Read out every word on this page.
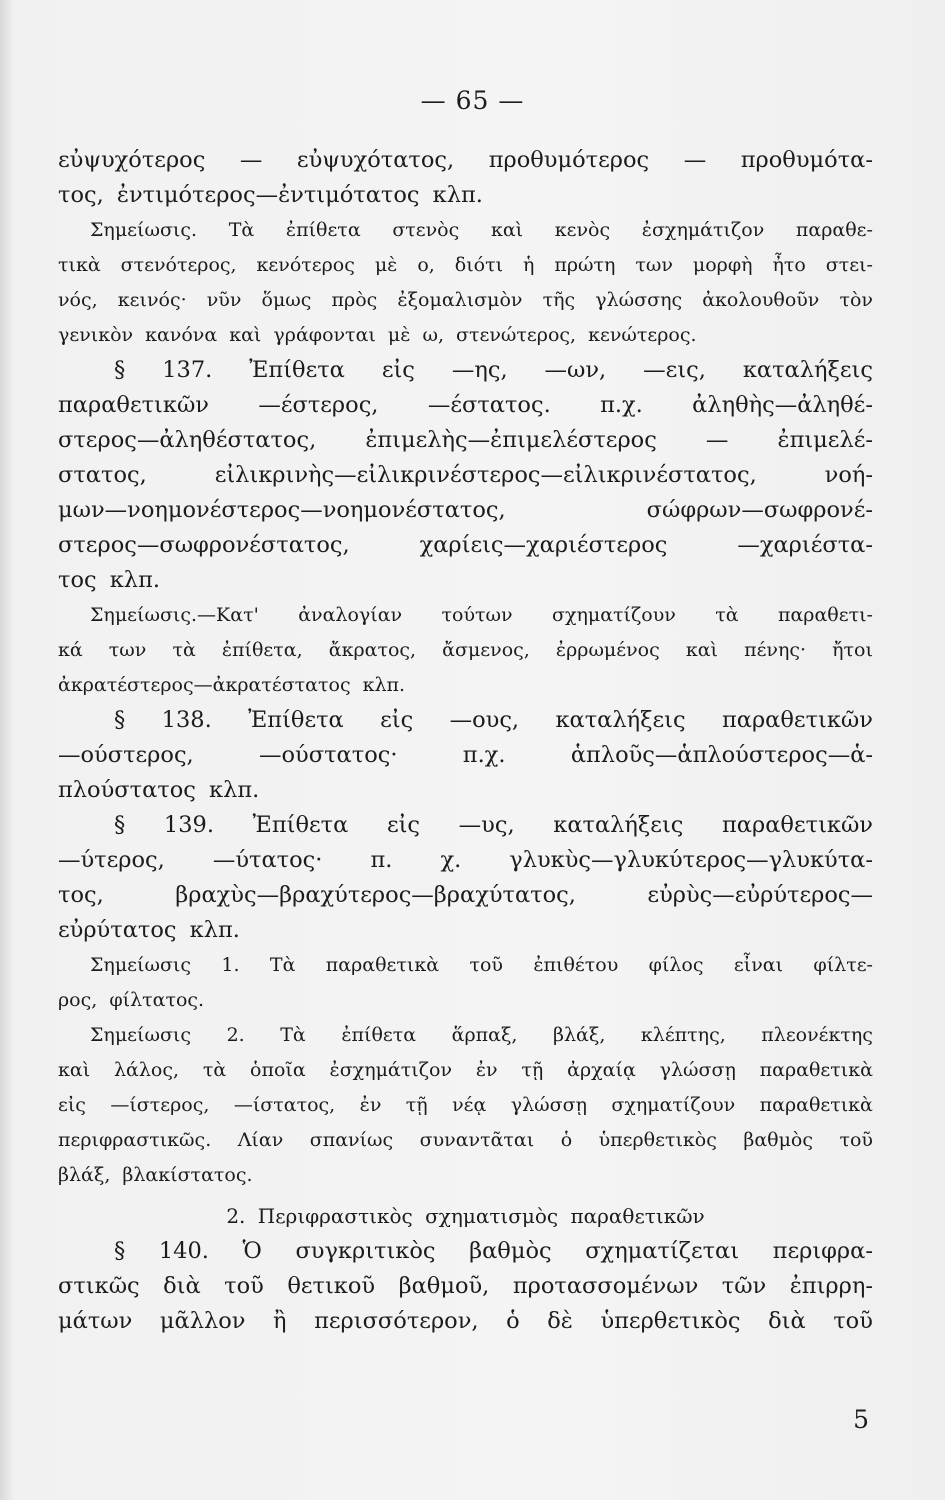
— 65 —
εὐψυχότερος — εὐψυχότατος, προθυμότερος — προθυμότα-
τος, ἐντιμότερος—ἐντιμότατος κλπ.
Σημείωσις. Τὰ ἐπίθετα στενὸς καὶ κενὸς ἐσχημάτιζον παραθε-
τικὰ στενότερος, κενότερος μὲ ο, διότι ἡ πρώτη των μορφὴ ἦτο στει-
νός, κεινός· νῦν ὅμως πρὸς ἐξομαλισμὸν τῆς γλώσσης ἀκολουθοῦν τὸν
γενικὸν κανόνα καὶ γράφονται μὲ ω, στενώτερος, κενώτερος.
§ 137. Ἐπίθετα εἰς —ης, —ων, —εις, καταλήξεις
παραθετικῶν —έστερος, —έστατος. π.χ. ἀληθὴς—ἀληθέ-
στερος—ἀληθέστατος, ἐπιμελὴς—ἐπιμελέστερος — ἐπιμελέ-
στατος,	εἰλικρινὴς—εἰλικρινέστερος—εἰλικρινέστατος,	νοή-
μων—νοημονέστερος—νοημονέστατος,	σώφρων—σωφρονέ-
στερος—σωφρονέστατος,	χαρίεις—χαριέστερος	—χαριέστα-
τος κλπ.
Σημείωσις.—Κατ' ἀναλογίαν τούτων σχηματίζουν τὰ παραθετι-
κά των τὰ ἐπίθετα, ἄκρατος, ἄσμενος, ἐρρωμένος καὶ πένης· ἤτοι
ἀκρατέστερος—ἀκρατέστατος κλπ.
§ 138. Ἐπίθετα εἰς —ους, καταλήξεις παραθετικῶν
—ούστερος,	—ούστατος·	π.χ.	ἁπλοῦς—ἁπλούστερος—ἁ-
πλούστατος κλπ.
§ 139. Ἐπίθετα εἰς —υς, καταλήξεις παραθετικῶν
—ύτερος, —ύτατος· π. χ. γλυκὺς—γλυκύτερος—γλυκύτα-
τος,	βραχὺς—βραχύτερος—βραχύτατος,	εὐρὺς—εὐρύτερος—
εὐρύτατος κλπ.
Σημείωσις 1. Τὰ παραθετικὰ τοῦ ἐπιθέτου φίλος εἶναι φίλτε-
ρος, φίλτατος.
Σημείωσις 2. Τὰ ἐπίθετα ἅρπαξ, βλάξ, κλέπτης, πλεονέκτης
καὶ λάλος, τὰ ὁποῖα ἐσχημάτιζον ἐν τῇ ἀρχαίᾳ γλώσσῃ παραθετικὰ
εἰς —ίστερος, —ίστατος, ἐν τῇ νέᾳ γλώσσῃ σχηματίζουν παραθετικὰ
περιφραστικῶς. Λίαν σπανίως συναντᾶται ὁ ὑπερθετικὸς βαθμὸς τοῦ
βλάξ, βλακίστατος.
2. Περιφραστικὸς σχηματισμὸς παραθετικῶν
§ 140. Ὁ συγκριτικὸς βαθμὸς σχηματίζεται περιφρα-
στικῶς διὰ τοῦ θετικοῦ βαθμοῦ, προτασσομένων τῶν ἐπιρρη-
μάτων μᾶλλον ἢ περισσότερον, ὁ δὲ ὑπερθετικὸς διὰ τοῦ
5
